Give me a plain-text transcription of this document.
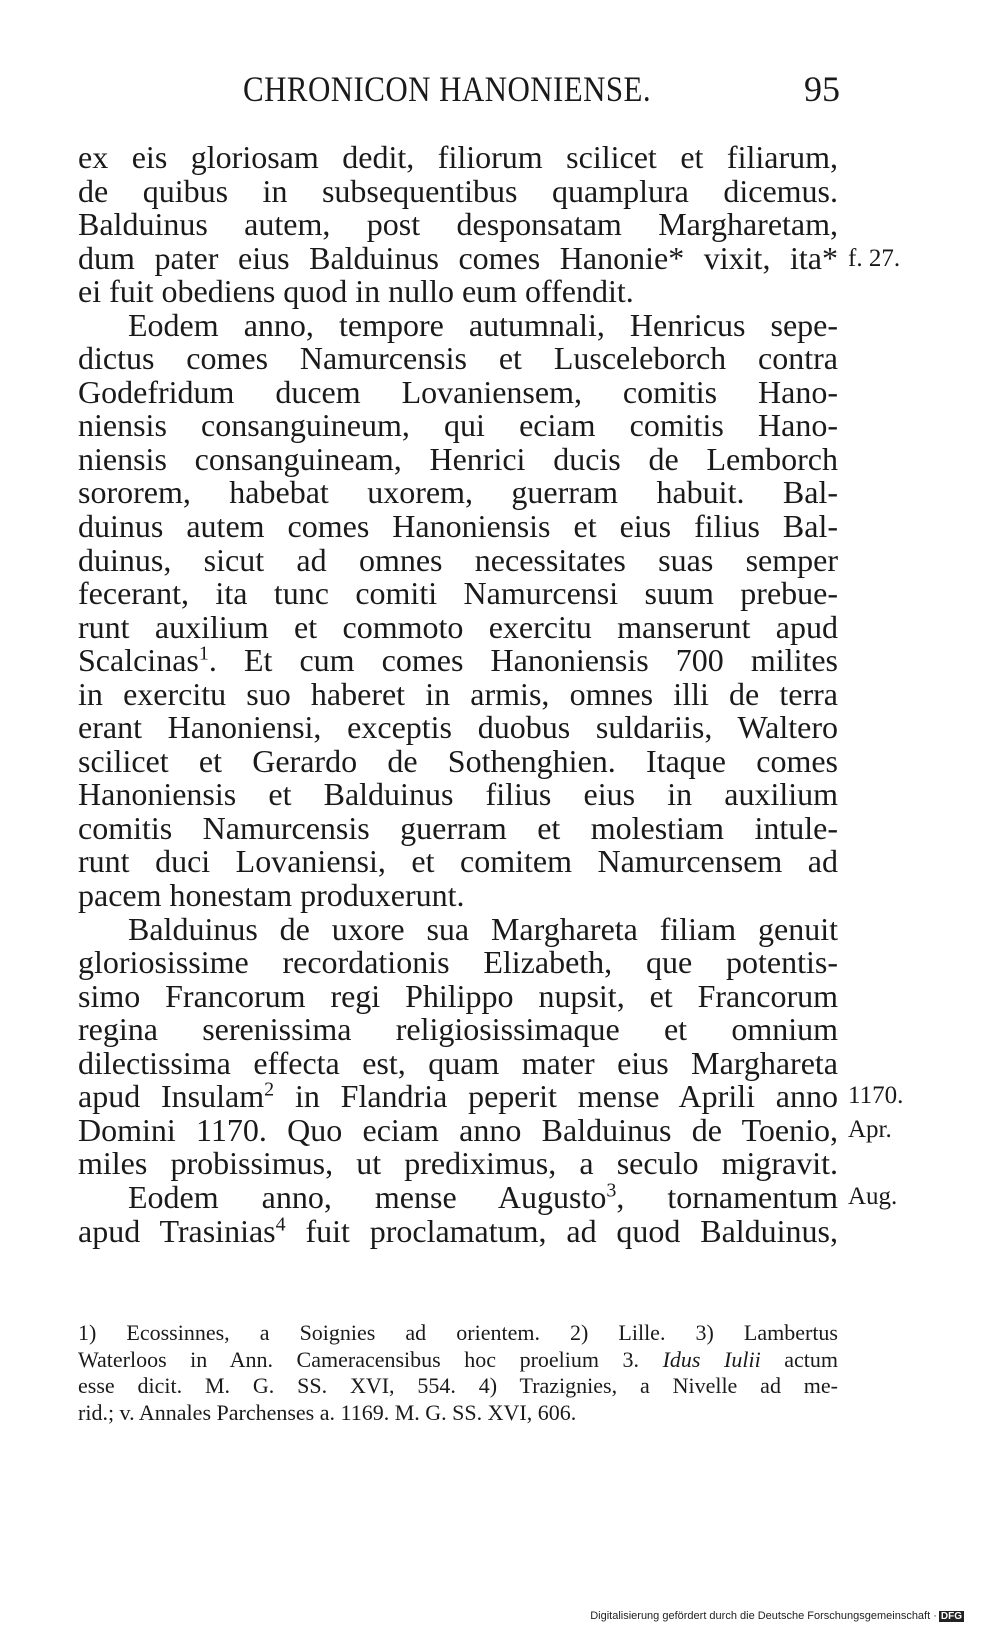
CHRONICON HANONIENSE.	95
ex eis gloriosam dedit, filiorum scilicet et filiarum,
de quibus in subsequentibus quamplura dicemus.
Balduinus autem, post desponsatam Margharetam,
dum pater eius Balduinus comes Hanonie* vixit, ita*
ei fuit obediens quod in nullo eum offendit.
Eodem anno, tempore autumnali, Henricus sepe-
dictus comes Namurcensis et Lusceleborch contra
Godefridum ducem Lovaniensem, comitis Hano-
niensis consanguineum, qui eciam comitis Hano-
niensis consanguineam, Henrici ducis de Lemborch
sororem, habebat uxorem, guerram habuit. Bal-
duinus autem comes Hanoniensis et eius filius Bal-
duinus, sicut ad omnes necessitates suas semper
fecerant, ita tunc comiti Namurcensi suum prebue-
runt auxilium et commoto exercitu manserunt apud
Scalcinas$^1$. Et cum comes Hanoniensis 700 milites
in exercitu suo haberet in armis, omnes illi de terra
erant Hanoniensi, exceptis duobus suldariis, Waltero
scilicet et Gerardo de Sothenghien. Itaque comes
Hanoniensis et Balduinus filius eius in auxilium
comitis Namurcensis guerram et molestiam intule-
runt duci Lovaniensi, et comitem Namurcensem ad
pacem honestam produxerunt.
Balduinus de uxore sua Marghareta filiam genuit
gloriosissime recordationis Elizabeth, que potentis-
simo Francorum regi Philippo nupsit, et Francorum
regina serenissima religiosissimaque et omnium
dilectissima effecta est, quam mater eius Marghareta
apud Insulam$^2$ in Flandria peperit mense Aprili anno
Domini 1170. Quo eciam anno Balduinus de Toenio,
miles probissimus, ut prediximus, a seculo migravit.
Eodem anno, mense Augusto$^3$, tornamentum
apud Trasinias$^4$ fuit proclamatum, ad quod Balduinus,
f. 27.
1170.
Apr.
Aug.
1) Ecossinnes, a Soignies ad orientem. 2) Lille. 3) Lambertus
Waterloos in Ann. Cameracensibus hoc proelium 3. Idus Iulii actum
esse dicit. M. G. SS. XVI, 554. 4) Trazignies, a Nivelle ad me-
rid.; v. Annales Parchenses a. 1169. M. G. SS. XVI, 606.
Digitalisierung gefördert durch die Deutsche Forschungsgemeinschaft · DFG
